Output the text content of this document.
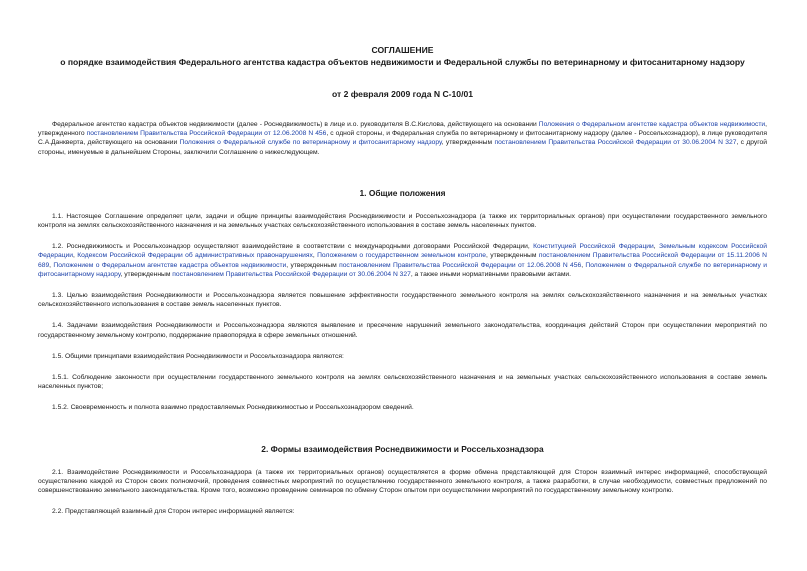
СОГЛАШЕНИЕ
о порядке взаимодействия Федерального агентства кадастра объектов недвижимости и Федеральной службы по ветеринарному и фитосанитарному надзору
от 2 февраля 2009 года N С-10/01

Федеральное агентство кадастра объектов недвижимости (далее - Роснедвижимость) в лице и.о. руководителя В.С.Кислова, действующего на основании Положения о Федеральном агентстве кадастра объектов недвижимости, утвержденного постановлением Правительства Российской Федерации от 12.06.2008 N 456, с одной стороны, и Федеральная служба по ветеринарному и фитосанитарному надзору (далее - Россельхознадзор), в лице руководителя С.А.Данкверта, действующего на основании Положения о Федеральной службе по ветеринарному и фитосанитарному надзору, утвержденным постановлением Правительства Российской Федерации от 30.06.2004 N 327, с другой стороны, именуемые в дальнейшем Стороны, заключили Соглашение о нижеследующем.

1. Общие положения

1.1. Настоящее Соглашение определяет цели, задачи и общие принципы взаимодействия Роснедвижимости и Россельхознадзора (а также их территориальных органов) при осуществлении государственного земельного контроля на землях сельскохозяйственного назначения и на земельных участках сельскохозяйственного использования в составе земель населенных пунктов.

1.2. Роснедвижимость и Россельхознадзор осуществляют взаимодействие в соответствии с международными договорами Российской Федерации, Конституцией Российской Федерации, Земельным кодексом Российской Федерации, Кодексом Российской Федерации об административных правонарушениях, Положением о государственном земельном контроле, утвержденным постановлением Правительства Российской Федерации от 15.11.2006 N 689, Положением о Федеральном агентстве кадастра объектов недвижимости, утвержденным постановлением Правительства Российской Федерации от 12.06.2008 N 456, Положением о Федеральной службе по ветеринарному и фитосанитарному надзору, утвержденным постановлением Правительства Российской Федерации от 30.06.2004 N 327, а также иными нормативными правовыми актами.

1.3. Целью взаимодействия Роснедвижимости и Россельхознадзора является повышение эффективности государственного земельного контроля на землях сельскохозяйственного назначения и на земельных участках сельскохозяйственного использования в составе земель населенных пунктов.

1.4. Задачами взаимодействия Роснедвижимости и Россельхознадзора являются выявление и пресечение нарушений земельного законодательства, координация действий Сторон при осуществлении мероприятий по государственному земельному контролю, поддержание правопорядка в сфере земельных отношений.

1.5. Общими принципами взаимодействия Роснедвижимости и Россельхознадзора являются:

1.5.1. Соблюдение законности при осуществлении государственного земельного контроля на землях сельскохозяйственного назначения и на земельных участках сельскохозяйственного использования в составе земель населенных пунктов;

1.5.2. Своевременность и полнота взаимно предоставляемых Роснедвижимостью и Россельхознадзором сведений.

2. Формы взаимодействия Роснедвижимости и Россельхознадзора

2.1. Взаимодействие Роснедвижимости и Россельхознадзора (а также их территориальных органов) осуществляется в форме обмена представляющей для Сторон взаимный интерес информацией, способствующей осуществлению каждой из Сторон своих полномочий, проведения совместных мероприятий по осуществлению государственного земельного контроля, а также разработки, в случае необходимости, совместных предложений по совершенствованию земельного законодательства. Кроме того, возможно проведение семинаров по обмену Сторон опытом при осуществлении мероприятий по государственному земельному контролю.

2.2. Представляющей взаимный для Сторон интерес информацией является:
